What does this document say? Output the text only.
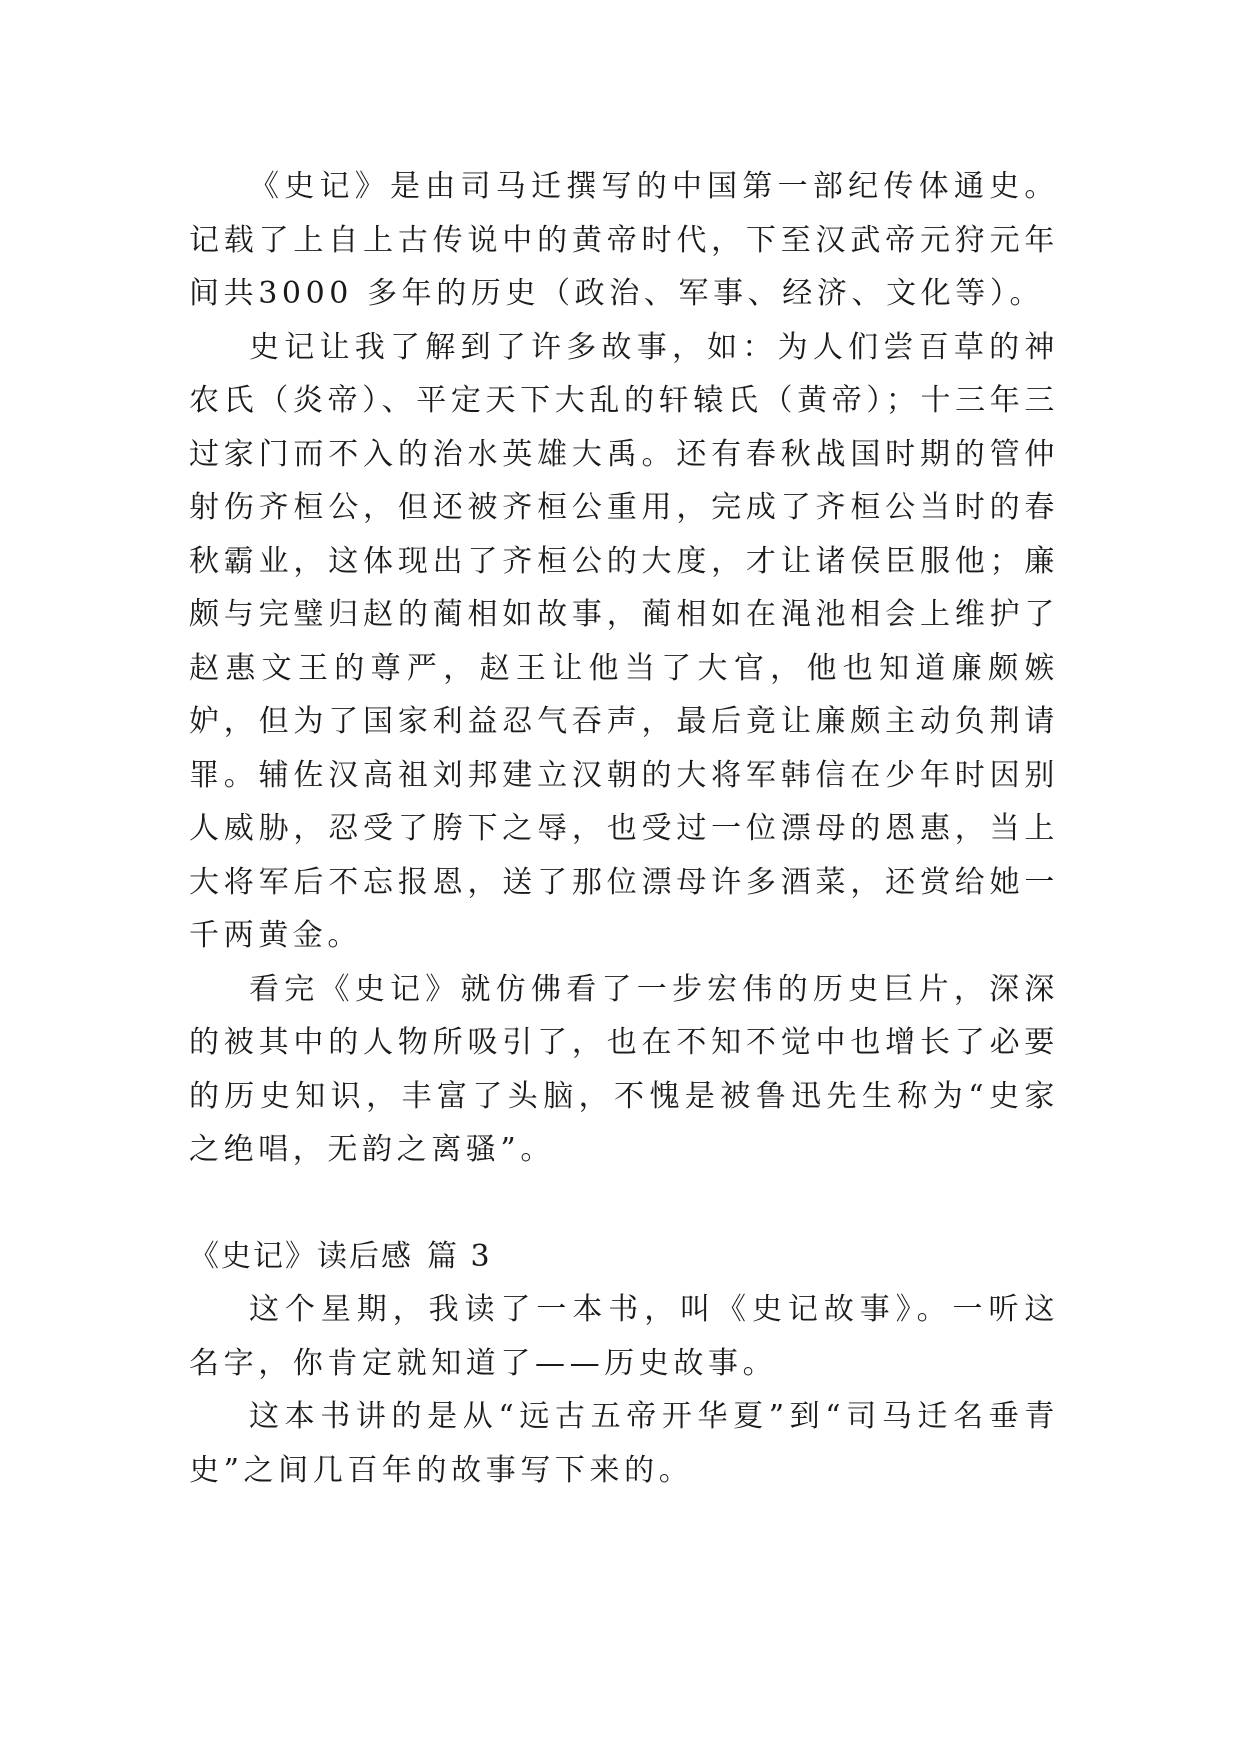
《史记》是由司马迁撰写的中国第一部纪传体通史。记载了上自上古传说中的黄帝时代，下至汉武帝元狩元年间共3000 多年的历史（政治、军事、经济、文化等）。

史记让我了解到了许多故事，如：为人们尝百草的神农氏（炎帝）、平定天下大乱的轩辕氏（黄帝）；十三年三过家门而不入的治水英雄大禹。还有春秋战国时期的管仲射伤齐桓公，但还被齐桓公重用，完成了齐桓公当时的春秋霸业，这体现出了齐桓公的大度，才让诸侯臣服他；廉颇与完璧归赵的蔺相如故事，蔺相如在渑池相会上维护了赵惠文王的尊严，赵王让他当了大官，他也知道廉颇嫉妒，但为了国家利益忍气吞声，最后竟让廉颇主动负荆请罪。辅佐汉高祖刘邦建立汉朝的大将军韩信在少年时因别人威胁，忍受了胯下之辱，也受过一位漂母的恩惠，当上大将军后不忘报恩，送了那位漂母许多酒菜，还赏给她一千两黄金。

看完《史记》就仿佛看了一步宏伟的历史巨片，深深的被其中的人物所吸引了，也在不知不觉中也增长了必要的历史知识，丰富了头脑，不愧是被鲁迅先生称为“史家之绝唱，无韵之离骚”。

《史记》读后感 篇 3

这个星期，我读了一本书，叫《史记故事》。一听这名字，你肯定就知道了——历史故事。

这本书讲的是从“远古五帝开华夏”到“司马迁名垂青史”之间几百年的故事写下来的。
